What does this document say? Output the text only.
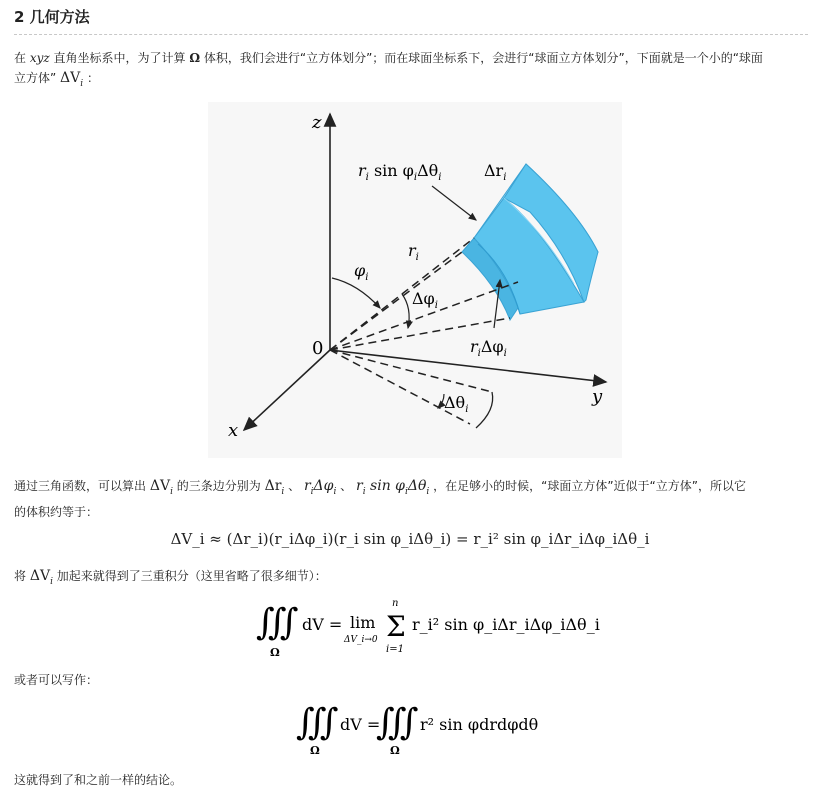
2 几何方法
在 xyz 直角坐标系中，为了计算 Ω 体积，我们会进行“立方体划分”；而在球面坐标系下，会进行“球面立方体划分”，下面就是一个小的“球面
立方体” $\Delta V_i$ ：
z
y
x
0
$r_i$ $\sin \varphi_i\Delta\theta_i$	$\Delta r_i$
$r_i$
$\varphi_i$
$\Delta\varphi_i$
$r_i\Delta\varphi_i$
$\Delta\theta_i$
通过三角函数，可以算出 $\Delta V_i$ 的三条边分别为 $\Delta r_i$ 、 $r_i\Delta\varphi_i$ 、 $r_i$ $\sin \varphi_i\Delta\theta_i$ ，在足够小的时候，“球面立方体”近似于“立方体”，所以它
的体积约等于：
ΔV_i ≈ (Δr_i)(r_iΔφ_i)(r_i sin φ_iΔθ_i) = r_i² sin φ_iΔr_iΔφ_iΔθ_i
将 $\Delta V_i$ 加起来就得到了三重积分（这里省略了很多细节）：
∭
Ω
dV = lim
ΔV_i→0
n
Σ
i=1
r_i² sin φ_iΔr_iΔφ_iΔθ_i
或者可以写作：
∭
Ω
dV =
∭
Ω
r² sin φdrdφdθ
这就得到了和之前一样的结论。
